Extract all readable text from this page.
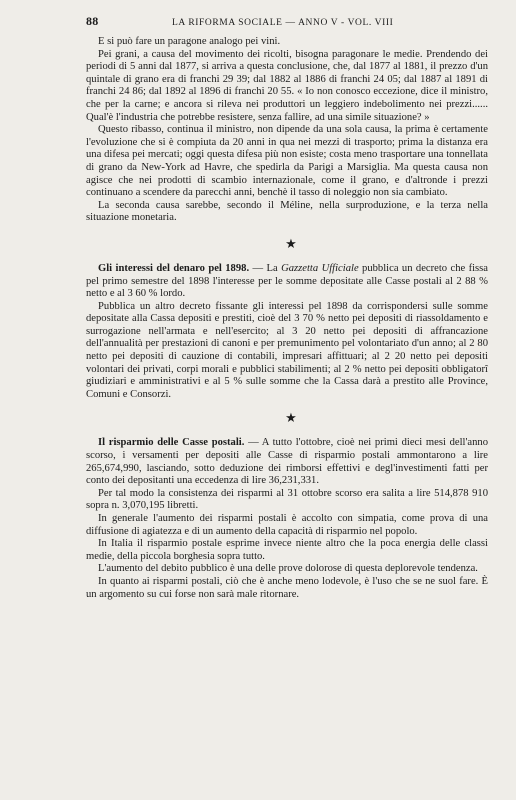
88	LA RIFORMA SOCIALE — ANNO V - VOL. VIII

E si può fare un paragone analogo pei vini.

Pei grani, a causa del movimento dei ricolti, bisogna paragonare le medie. Prendendo dei periodi di 5 anni dal 1877, si arriva a questa conclusione, che, dal 1877 al 1881, il prezzo d'un quintale di grano era di franchi 29 39; dal 1882 al 1886 di franchi 24 05; dal 1887 al 1891 di franchi 24 86; dal 1892 al 1896 di franchi 20 55. « Io non conosco eccezione, dice il ministro, che per la carne; e ancora si rileva nei produttori un leggiero indebolimento nei prezzi...... Qual'è l'industria che potrebbe resistere, senza fallire, ad una simile situazione? »

Questo ribasso, continua il ministro, non dipende da una sola causa, la prima è certamente l'evoluzione che si è compiuta da 20 anni in qua nei mezzi di trasporto; prima la distanza era una difesa pei mercati; oggi questa difesa più non esiste; costa meno trasportare una tonnellata di grano da New-York ad Havre, che spedirla da Parigi a Marsiglia. Ma questa causa non agisce che nei prodotti di scambio internazionale, come il grano, e d'altronde i prezzi continuano a scendere da parecchi anni, benchè il tasso di noleggio non sia cambiato.

La seconda causa sarebbe, secondo il Méline, nella surproduzione, e la terza nella situazione monetaria.

★

Gli interessi del denaro pel 1898. — La Gazzetta Ufficiale pubblica un decreto che fissa pel primo semestre del 1898 l'interesse per le somme depositate alle Casse postali al 2 88 % netto e al 3 60 % lordo.

Pubblica un altro decreto fissante gli interessi pel 1898 da corrispondersi sulle somme depositate alla Cassa depositi e prestiti, cioè del 3 70 % netto pei depositi di riassoldamento e surrogazione nell'armata e nell'esercito; al 3 20 netto pei depositi di affrancazione dell'annualità per prestazioni di canoni e per premunimento pel volontariato d'un anno; al 2 80 netto pei depositi di cauzione di contabili, impresari affittuari; al 2 20 netto pei depositi volontari dei privati, corpi morali e pubblici stabilimenti; al 2 % netto pei depositi obbligatorî giudiziari e amministrativi e al 5 % sulle somme che la Cassa darà a prestito alle Province, Comuni e Consorzi.

★

Il risparmio delle Casse postali. — A tutto l'ottobre, cioè nei primi dieci mesi dell'anno scorso, i versamenti per depositi alle Casse di risparmio postali ammontarono a lire 265,674,990, lasciando, sotto deduzione dei rimborsi effettivi e degl'investimenti fatti per conto dei depositanti una eccedenza di lire 36,231,331.

Per tal modo la consistenza dei risparmi al 31 ottobre scorso era salita a lire 514,878 910 sopra n. 3,070,195 libretti.

In generale l'aumento dei risparmi postali è accolto con simpatia, come prova di una diffusione di agiatezza e di un aumento della capacità di risparmio nel popolo.

In Italia il risparmio postale esprime invece niente altro che la poca energia delle classi medie, della piccola borghesia sopra tutto.

L'aumento del debito pubblico è una delle prove dolorose di questa deplorevole tendenza.

In quanto ai risparmi postali, ciò che è anche meno lodevole, è l'uso che se ne suol fare. È un argomento su cui forse non sarà male ritornare.
